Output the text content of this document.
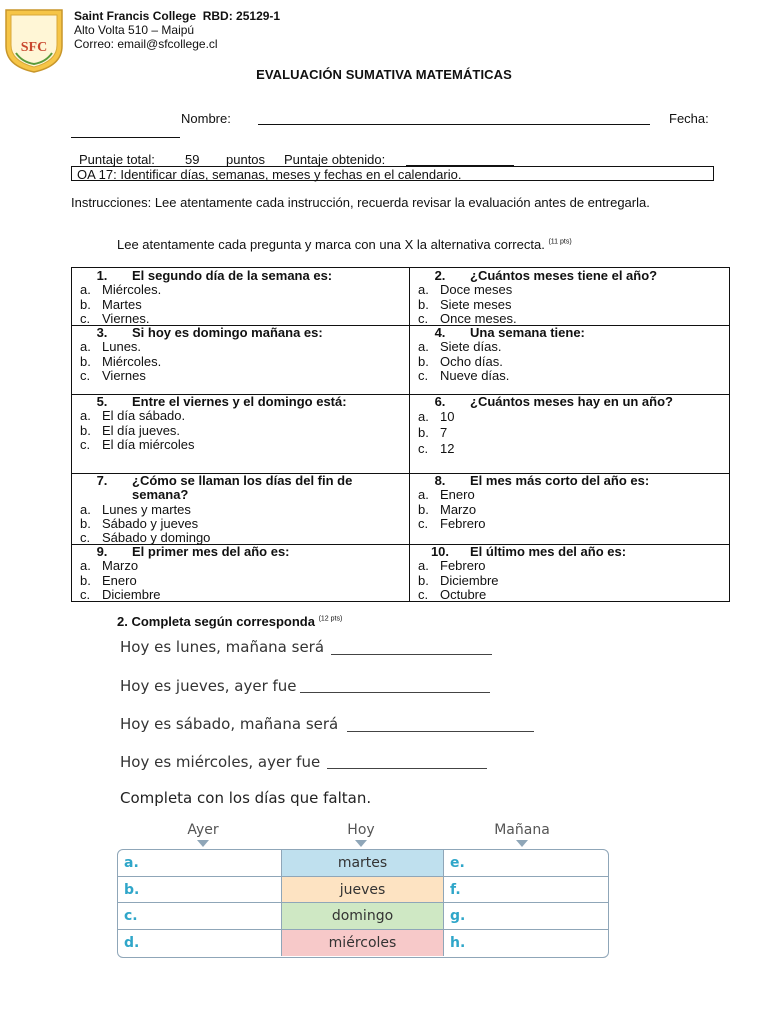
SFC
Saint Francis College RBD: 25129-1
Alto Volta 510 – Maipú
Correo: email@sfcollege.cl
EVALUACIÓN SUMATIVA MATEMÁTICAS
Nombre:	Fecha:
Puntaje total: 59 puntos Puntaje obtenido:
OA 17: Identificar días, semanas, meses y fechas en el calendario.
Instrucciones: Lee atentamente cada instrucción, recuerda revisar la evaluación antes de entregarla.
Lee atentamente cada pregunta y marca con una X la alternativa correcta. $^{(11 pts)}$
1.	El segundo día de la semana es:
a. Miércoles.
b. Martes
c. Viernes.
2.	¿Cuántos meses tiene el año?
a. Doce meses
b. Siete meses
c. Once meses.
3.	Si hoy es domingo mañana es:
a. Lunes.
b. Miércoles.
c. Viernes
4.	Una semana tiene:
a. Siete días.
b. Ocho días.
c. Nueve días.
5.	Entre el viernes y el domingo está:
a. El día sábado.
b. El día jueves.
c. El día miércoles
6.	¿Cuántos meses hay en un año?
a. 10
b. 7
c. 12
7.	¿Cómo se llaman los días del fin de semana?
a. Lunes y martes
b. Sábado y jueves
c. Sábado y domingo
8.	El mes más corto del año es:
a. Enero
b. Marzo
c. Febrero
9.	El primer mes del año es:
a. Marzo
b. Enero
c. Diciembre
10.	El último mes del año es:
a. Febrero
b. Diciembre
c. Octubre
2. Completa según corresponda $^{(12 pts)}$
Hoy es lunes, mañana será
Hoy es jueves, ayer fue
Hoy es sábado, mañana será
Hoy es miércoles, ayer fue
Completa con los días que faltan.
Ayer	Hoy	Mañana
a.	martes	e.
b.	jueves	f.
c.	domingo	g.
d.	miércoles	h.
